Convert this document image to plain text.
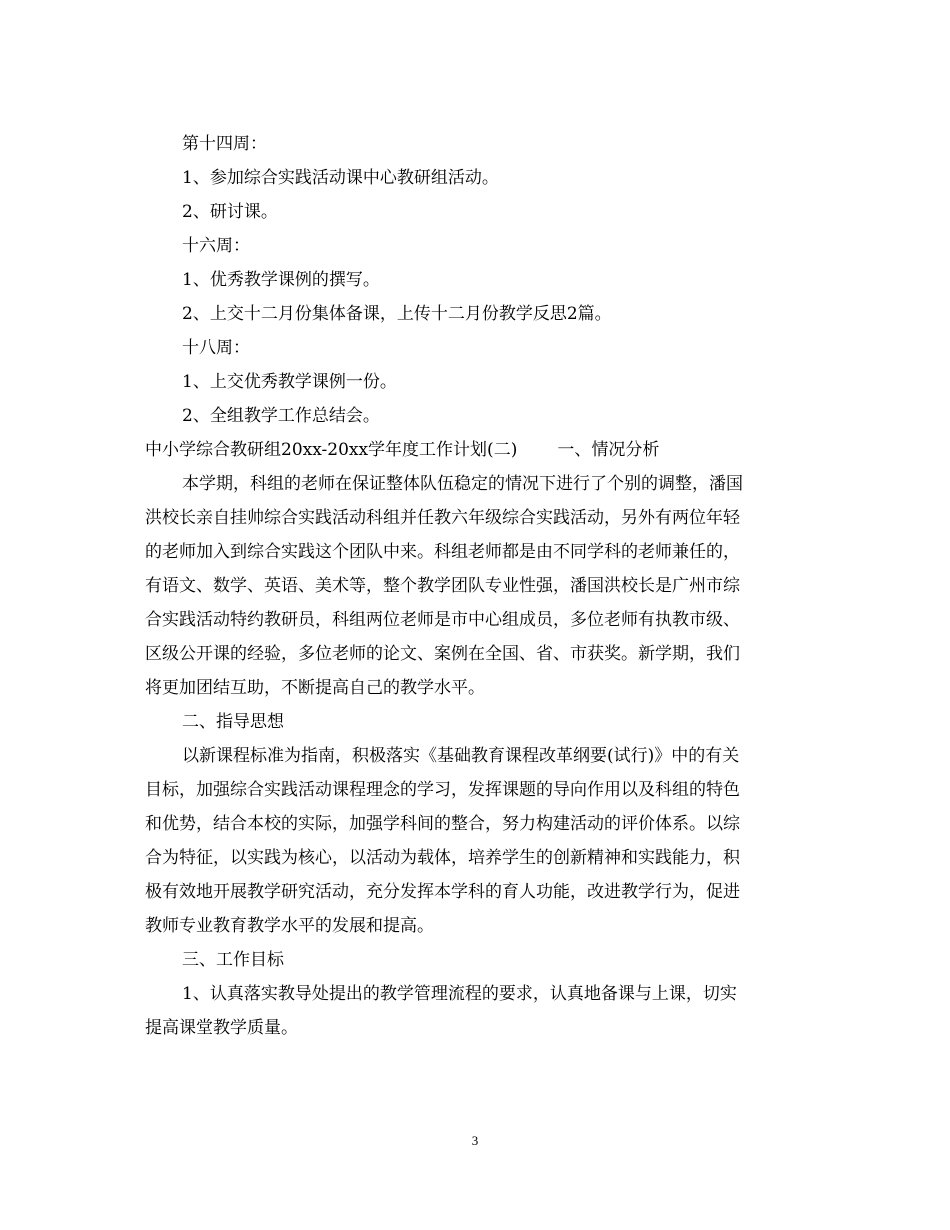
第十四周：
1、参加综合实践活动课中心教研组活动。
2、研讨课。
十六周：
1、优秀教学课例的撰写。
2、上交十二月份集体备课，上传十二月份教学反思2篇。
十八周：
1、上交优秀教学课例一份。
2、全组教学工作总结会。
中小学综合教研组20xx-20xx学年度工作计划(二) 一、情况分析
本学期，科组的老师在保证整体队伍稳定的情况下进行了个别的调整，潘国
洪校长亲自挂帅综合实践活动科组并任教六年级综合实践活动，另外有两位年轻
的老师加入到综合实践这个团队中来。科组老师都是由不同学科的老师兼任的，
有语文、数学、英语、美术等，整个教学团队专业性强，潘国洪校长是广州市综
合实践活动特约教研员，科组两位老师是市中心组成员，多位老师有执教市级、
区级公开课的经验，多位老师的论文、案例在全国、省、市获奖。新学期，我们
将更加团结互助，不断提高自己的教学水平。
二、指导思想
以新课程标准为指南，积极落实《基础教育课程改革纲要(试行)》中的有关
目标，加强综合实践活动课程理念的学习，发挥课题的导向作用以及科组的特色
和优势，结合本校的实际，加强学科间的整合，努力构建活动的评价体系。以综
合为特征，以实践为核心，以活动为载体，培养学生的创新精神和实践能力，积
极有效地开展教学研究活动，充分发挥本学科的育人功能，改进教学行为，促进
教师专业教育教学水平的发展和提高。
三、工作目标
1、认真落实教导处提出的教学管理流程的要求，认真地备课与上课，切实
提高课堂教学质量。
3
